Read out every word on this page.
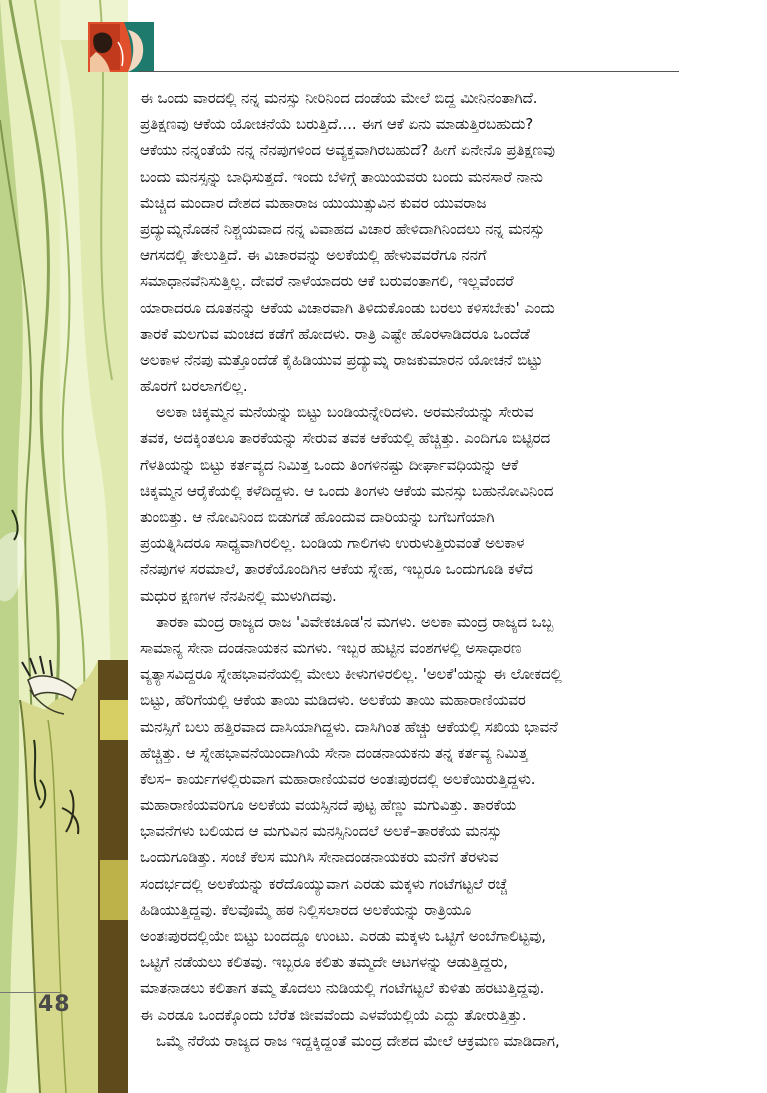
48

ಈ ಒಂದು ವಾರದಲ್ಲಿ ನನ್ನ ಮನಸ್ಸು ನೀರಿನಿಂದ ದಂಡೆಯ ಮೇಲೆ ಬಿದ್ದ ಮೀನಿನಂತಾಗಿದೆ.
ಪ್ರತಿಕ್ಷಣವು ಆಕೆಯ ಯೋಚನೆಯೆ ಬರುತ್ತಿದೆ.... ಈಗ ಆಕೆ ಏನು ಮಾಡುತ್ತಿರಬಹುದು?
ಆಕೆಯು ನನ್ನಂತೆಯೆ ನನ್ನ ನೆನಪುಗಳಿಂದ ಅವ್ಯಕ್ತವಾಗಿರಬಹುದೆ? ಹೀಗೆ ಏನೇನೊ ಪ್ರತಿಕ್ಷಣವು
ಬಂದು ಮನಸ್ಸನ್ನು ಬಾಧಿಸುತ್ತದೆ. ಇಂದು ಬೆಳಿಗ್ಗೆ ತಾಯಿಯವರು ಬಂದು ಮನಸಾರೆ ನಾನು
ಮೆಚ್ಚಿದ ಮಂದಾರ ದೇಶದ ಮಹಾರಾಜ ಯುಯುತ್ಸುವಿನ ಕುವರ ಯುವರಾಜ
ಪ್ರದ್ಯುಮ್ನನೊಡನೆ ನಿಶ್ಚಯವಾದ ನನ್ನ ವಿವಾಹದ ವಿಚಾರ ಹೇಳಿದಾಗಿನಿಂದಲು ನನ್ನ ಮನಸ್ಸು
ಆಗಸದಲ್ಲಿ ತೇಲುತ್ತಿದೆ. ಈ ವಿಚಾರವನ್ನು ಅಲಕೆಯಲ್ಲಿ ಹೇಳುವವರೆಗೂ ನನಗೆ
ಸಮಾಧಾನವೆನಿಸುತ್ತಿಲ್ಲ. ದೇವರೆ ನಾಳೆಯಾದರು ಆಕೆ ಬರುವಂತಾಗಲಿ, ಇಲ್ಲವೆಂದರೆ
ಯಾರಾದರೂ ದೂತನನ್ನು ಆಕೆಯ ವಿಚಾರವಾಗಿ ತಿಳಿದುಕೊಂಡು ಬರಲು ಕಳಿಸಬೇಕು' ಎಂದು
ತಾರಕೆ ಮಲಗುವ ಮಂಚದ ಕಡೆಗೆ ಹೋದಳು. ರಾತ್ರಿ ಎಷ್ಟೇ ಹೊರಳಾಡಿದರೂ ಒಂದೆಡೆ
ಅಲಕಾಳ ನೆನಪು ಮತ್ತೊಂದೆಡೆ ಕೈಹಿಡಿಯುವ ಪ್ರದ್ಯುಮ್ನ ರಾಜಕುಮಾರನ ಯೋಚನೆ ಬಿಟ್ಟು
ಹೊರಗೆ ಬರಲಾಗಲಿಲ್ಲ.

ಅಲಕಾ ಚಿಕ್ಕಮ್ಮನ ಮನೆಯನ್ನು ಬಿಟ್ಟು ಬಂಡಿಯನ್ನೇರಿದಳು. ಅರಮನೆಯನ್ನು ಸೇರುವ
ತವಕ, ಅದಕ್ಕಿಂತಲೂ ತಾರಕೆಯನ್ನು ಸೇರುವ ತವಕ ಆಕೆಯಲ್ಲಿ ಹೆಚ್ಚಿತ್ತು. ಎಂದಿಗೂ ಬಿಟ್ಟಿರದ
ಗೆಳತಿಯನ್ನು ಬಿಟ್ಟು ಕರ್ತವ್ಯದ ನಿಮಿತ್ತ ಒಂದು ತಿಂಗಳಿನಷ್ಟು ದೀರ್ಘಾವಧಿಯನ್ನು ಆಕೆ
ಚಿಕ್ಕಮ್ಮನ ಆರೈಕೆಯಲ್ಲಿ ಕಳೆದಿದ್ದಳು. ಆ ಒಂದು ತಿಂಗಳು ಆಕೆಯ ಮನಸ್ಸು ಬಹುನೋವಿನಿಂದ
ತುಂಬಿತ್ತು. ಆ ನೋವಿನಿಂದ ಬಿಡುಗಡೆ ಹೊಂದುವ ದಾರಿಯನ್ನು ಬಗೆಬಗೆಯಾಗಿ
ಪ್ರಯತ್ನಿಸಿದರೂ ಸಾಧ್ಯವಾಗಿರಲಿಲ್ಲ. ಬಂಡಿಯ ಗಾಲಿಗಳು ಉರುಳುತ್ತಿರುವಂತೆ ಅಲಕಾಳ
ನೆನಪುಗಳ ಸರಮಾಲೆ, ತಾರಕೆಯೊಂದಿಗಿನ ಆಕೆಯ ಸ್ನೇಹ, ಇಬ್ಬರೂ ಒಂದುಗೂಡಿ ಕಳೆದ
ಮಧುರ ಕ್ಷಣಗಳ ನೆನಪಿನಲ್ಲಿ ಮುಳುಗಿದವು.

ತಾರಕಾ ಮಂದ್ರ ರಾಜ್ಯದ ರಾಜ 'ವಿವೇಕಚೂಡ'ನ ಮಗಳು. ಅಲಕಾ ಮಂದ್ರ ರಾಜ್ಯದ ಒಬ್ಬ
ಸಾಮಾನ್ಯ ಸೇನಾ ದಂಡನಾಯಕನ ಮಗಳು. ಇಬ್ಬರ ಹುಟ್ಟಿನ ವಂಶಗಳಲ್ಲಿ ಅಸಾಧಾರಣ
ವ್ಯತ್ಯಾಸವಿದ್ದರೂ ಸ್ನೇಹಭಾವನೆಯಲ್ಲಿ ಮೇಲು ಕೀಳುಗಳಿರಲಿಲ್ಲ. 'ಅಲಕೆ'ಯನ್ನು ಈ ಲೋಕದಲ್ಲಿ
ಬಿಟ್ಟು, ಹೆರಿಗೆಯಲ್ಲಿ ಆಕೆಯ ತಾಯಿ ಮಡಿದಳು. ಅಲಕೆಯ ತಾಯಿ ಮಹಾರಾಣಿಯವರ
ಮನಸ್ಸಿಗೆ ಬಲು ಹತ್ತಿರವಾದ ದಾಸಿಯಾಗಿದ್ದಳು. ದಾಸಿಗಿಂತ ಹೆಚ್ಚು ಆಕೆಯಲ್ಲಿ ಸಖಿಯ ಭಾವನೆ
ಹೆಚ್ಚಿತ್ತು. ಆ ಸ್ನೇಹಭಾವನೆಯಿಂದಾಗಿಯೆ ಸೇನಾ ದಂಡನಾಯಕನು ತನ್ನ ಕರ್ತವ್ಯ ನಿಮಿತ್ತ
ಕೆಲಸ– ಕಾರ್ಯಗಳಲ್ಲಿರುವಾಗ ಮಹಾರಾಣಿಯವರ ಅಂತಃಪುರದಲ್ಲಿ ಅಲಕೆಯಿರುತ್ತಿದ್ದಳು.
ಮಹಾರಾಣಿಯವರಿಗೂ ಅಲಕೆಯ ವಯಸ್ಸಿನದೆ ಪುಟ್ಟ ಹೆಣ್ಣು ಮಗುವಿತ್ತು. ತಾರಕೆಯ
ಭಾವನೆಗಳು ಬಲಿಯದ ಆ ಮಗುವಿನ ಮನಸ್ಸಿನಿಂದಲೆ ಅಲಕೆ–ತಾರಕೆಯ ಮನಸ್ಸು
ಒಂದುಗೂಡಿತ್ತು. ಸಂಜೆ ಕೆಲಸ ಮುಗಿಸಿ ಸೇನಾದಂಡನಾಯಕರು ಮನೆಗೆ ತೆರಳುವ
ಸಂದರ್ಭದಲ್ಲಿ ಅಲಕೆಯನ್ನು ಕರೆದೊಯ್ಯುವಾಗ ಎರಡು ಮಕ್ಕಳು ಗಂಟೆಗಟ್ಟಲೆ ರಚ್ಚೆ
ಹಿಡಿಯುತ್ತಿದ್ದವು. ಕೆಲವೊಮ್ಮೆ ಹಠ ನಿಲ್ಲಿಸಲಾರದ ಅಲಕೆಯನ್ನು ರಾತ್ರಿಯೂ
ಅಂತಃಪುರದಲ್ಲಿಯೇ ಬಿಟ್ಟು ಬಂದದ್ದೂ ಉಂಟು. ಎರಡು ಮಕ್ಕಳು ಒಟ್ಟಿಗೆ ಅಂಬೆಗಾಲಿಟ್ಟವು,
ಒಟ್ಟಿಗೆ ನಡೆಯಲು ಕಲಿತವು. ಇಬ್ಬರೂ ಕಲಿತು ತಮ್ಮದೇ ಆಟಗಳನ್ನು ಆಡುತ್ತಿದ್ದರು,
ಮಾತನಾಡಲು ಕಲಿತಾಗ ತಮ್ಮ ತೊದಲು ನುಡಿಯಲ್ಲಿ ಗಂಟೆಗಟ್ಟಲೆ ಕುಳಿತು ಹರಟುತ್ತಿದ್ದವು.
ಈ ಎರಡೂ ಒಂದಕ್ಕೊಂದು ಬೆರೆತ ಜೀವವೆಂದು ಎಳವೆಯಲ್ಲಿಯೆ ಎದ್ದು ತೋರುತ್ತಿತ್ತು.

ಒಮ್ಮೆ ನೆರೆಯ ರಾಜ್ಯದ ರಾಜ ಇದ್ದಕ್ಕಿದ್ದಂತೆ ಮಂದ್ರ ದೇಶದ ಮೇಲೆ ಆಕ್ರಮಣ ಮಾಡಿದಾಗ,
